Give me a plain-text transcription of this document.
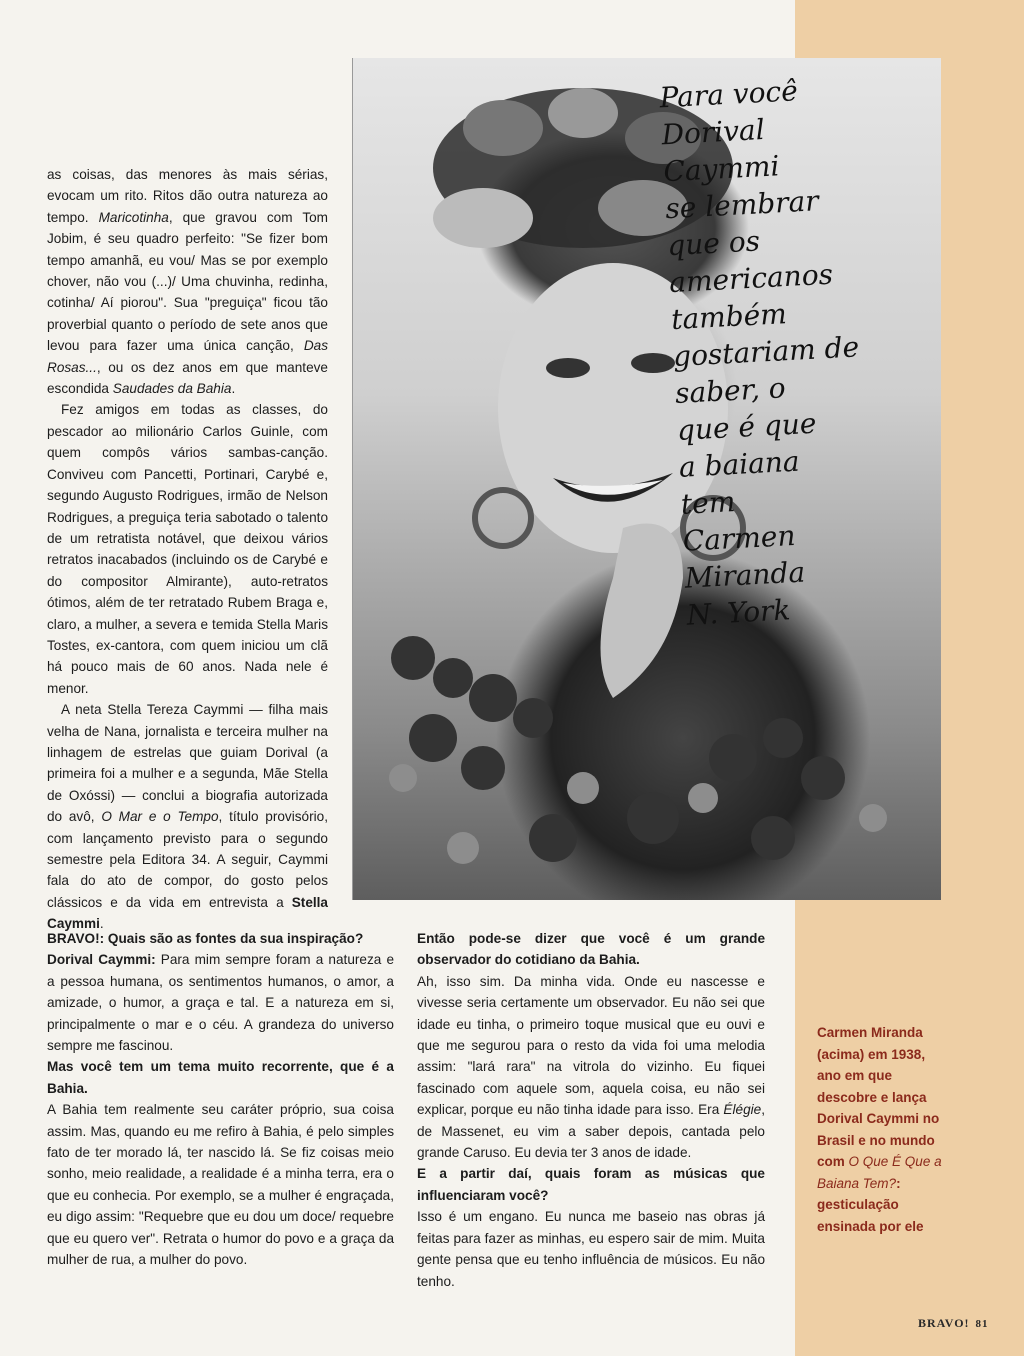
Para você
Dorival
Caymmi
se lembrar
que os
americanos
também
gostariam de
saber, o
que é que
a baiana
tem
Carmen
Miranda
N. York

as coisas, das menores às mais sérias, evocam um rito. Ritos dão outra natureza ao tempo. Maricotinha, que gravou com Tom Jobim, é seu quadro perfeito: "Se fizer bom tempo amanhã, eu vou/ Mas se por exemplo chover, não vou (...)/ Uma chuvinha, redinha, cotinha/ Aí piorou". Sua "preguiça" ficou tão proverbial quanto o período de sete anos que levou para fazer uma única canção, Das Rosas..., ou os dez anos em que manteve escondida Saudades da Bahia.

Fez amigos em todas as classes, do pescador ao milionário Carlos Guinle, com quem compôs vários sambas-canção. Conviveu com Pancetti, Portinari, Carybé e, segundo Augusto Rodrigues, irmão de Nelson Rodrigues, a preguiça teria sabotado o talento de um retratista notável, que deixou vários retratos inacabados (incluindo os de Carybé e do compositor Almirante), auto-retratos ótimos, além de ter retratado Rubem Braga e, claro, a mulher, a severa e temida Stella Maris Tostes, ex-cantora, com quem iniciou um clã há pouco mais de 60 anos. Nada nele é menor.

A neta Stella Tereza Caymmi — filha mais velha de Nana, jornalista e terceira mulher na linhagem de estrelas que guiam Dorival (a primeira foi a mulher e a segunda, Mãe Stella de Oxóssi) — conclui a biografia autorizada do avô, O Mar e o Tempo, título provisório, com lançamento previsto para o segundo semestre pela Editora 34. A seguir, Caymmi fala do ato de compor, do gosto pelos clássicos e da vida em entrevista a Stella Caymmi.

BRAVO!: Quais são as fontes da sua inspiração?

Dorival Caymmi: Para mim sempre foram a natureza e a pessoa humana, os sentimentos humanos, o amor, a amizade, o humor, a graça e tal. E a natureza em si, principalmente o mar e o céu. A grandeza do universo sempre me fascinou.

Mas você tem um tema muito recorrente, que é a Bahia.

A Bahia tem realmente seu caráter próprio, sua coisa assim. Mas, quando eu me refiro à Bahia, é pelo simples fato de ter morado lá, ter nascido lá. Se fiz coisas meio sonho, meio realidade, a realidade é a minha terra, era o que eu conhecia. Por exemplo, se a mulher é engraçada, eu digo assim: "Requebre que eu dou um doce/ requebre que eu quero ver". Retrata o humor do povo e a graça da mulher de rua, a mulher do povo.

Então pode-se dizer que você é um grande observador do cotidiano da Bahia.

Ah, isso sim. Da minha vida. Onde eu nascesse e vivesse seria certamente um observador. Eu não sei que idade eu tinha, o primeiro toque musical que eu ouvi e que me segurou para o resto da vida foi uma melodia assim: "lará rara" na vitrola do vizinho. Eu fiquei fascinado com aquele som, aquela coisa, eu não sei explicar, porque eu não tinha idade para isso. Era Élégie, de Massenet, eu vim a saber depois, cantada pelo grande Caruso. Eu devia ter 3 anos de idade.

E a partir daí, quais foram as músicas que influenciaram você?

Isso é um engano. Eu nunca me baseio nas obras já feitas para fazer as minhas, eu espero sair de mim. Muita gente pensa que eu tenho influência de músicos. Eu não tenho.

Carmen Miranda (acima) em 1938, ano em que descobre e lança Dorival Caymmi no Brasil e no mundo com O Que É Que a Baiana Tem?: gesticulação ensinada por ele
BRAVO! 81
